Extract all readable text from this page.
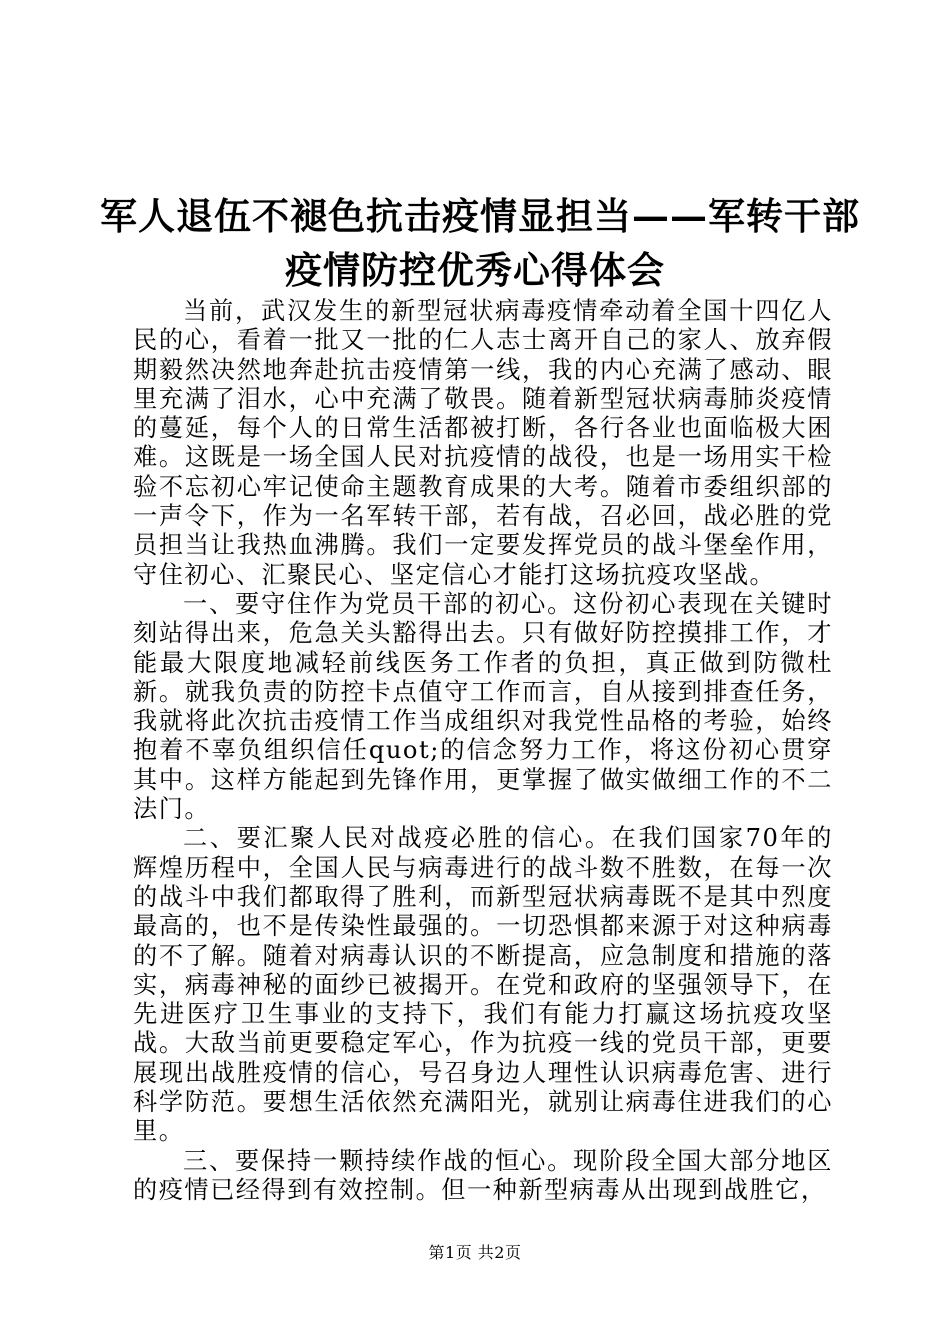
军人退伍不褪色抗击疫情显担当——军转干部
疫情防控优秀心得体会

当前，武汉发生的新型冠状病毒疫情牵动着全国十四亿人民的心，看着一批又一批的仁人志士离开自己的家人、放弃假期毅然决然地奔赴抗击疫情第一线，我的内心充满了感动、眼里充满了泪水，心中充满了敬畏。随着新型冠状病毒肺炎疫情的蔓延，每个人的日常生活都被打断，各行各业也面临极大困难。这既是一场全国人民对抗疫情的战役，也是一场用实干检验不忘初心牢记使命主题教育成果的大考。随着市委组织部的一声令下，作为一名军转干部，若有战，召必回，战必胜的党员担当让我热血沸腾。我们一定要发挥党员的战斗堡垒作用，守住初心、汇聚民心、坚定信心才能打这场抗疫攻坚战。

一、要守住作为党员干部的初心。这份初心表现在关键时刻站得出来，危急关头豁得出去。只有做好防控摸排工作，才能最大限度地减轻前线医务工作者的负担，真正做到防微杜新。就我负责的防控卡点值守工作而言，自从接到排查任务，我就将此次抗击疫情工作当成组织对我党性品格的考验，始终抱着不辜负组织信任quot;的信念努力工作，将这份初心贯穿其中。这样方能起到先锋作用，更掌握了做实做细工作的不二法门。

二、要汇聚人民对战疫必胜的信心。在我们国家70年的辉煌历程中，全国人民与病毒进行的战斗数不胜数，在每一次的战斗中我们都取得了胜利，而新型冠状病毒既不是其中烈度最高的，也不是传染性最强的。一切恐惧都来源于对这种病毒的不了解。随着对病毒认识的不断提高，应急制度和措施的落实，病毒神秘的面纱已被揭开。在党和政府的坚强领导下，在先进医疗卫生事业的支持下，我们有能力打赢这场抗疫攻坚战。大敌当前更要稳定军心，作为抗疫一线的党员干部，更要展现出战胜疫情的信心，号召身边人理性认识病毒危害、进行科学防范。要想生活依然充满阳光，就别让病毒住进我们的心里。

三、要保持一颗持续作战的恒心。现阶段全国大部分地区的疫情已经得到有效控制。但一种新型病毒从出现到战胜它，

第1页 共2页
